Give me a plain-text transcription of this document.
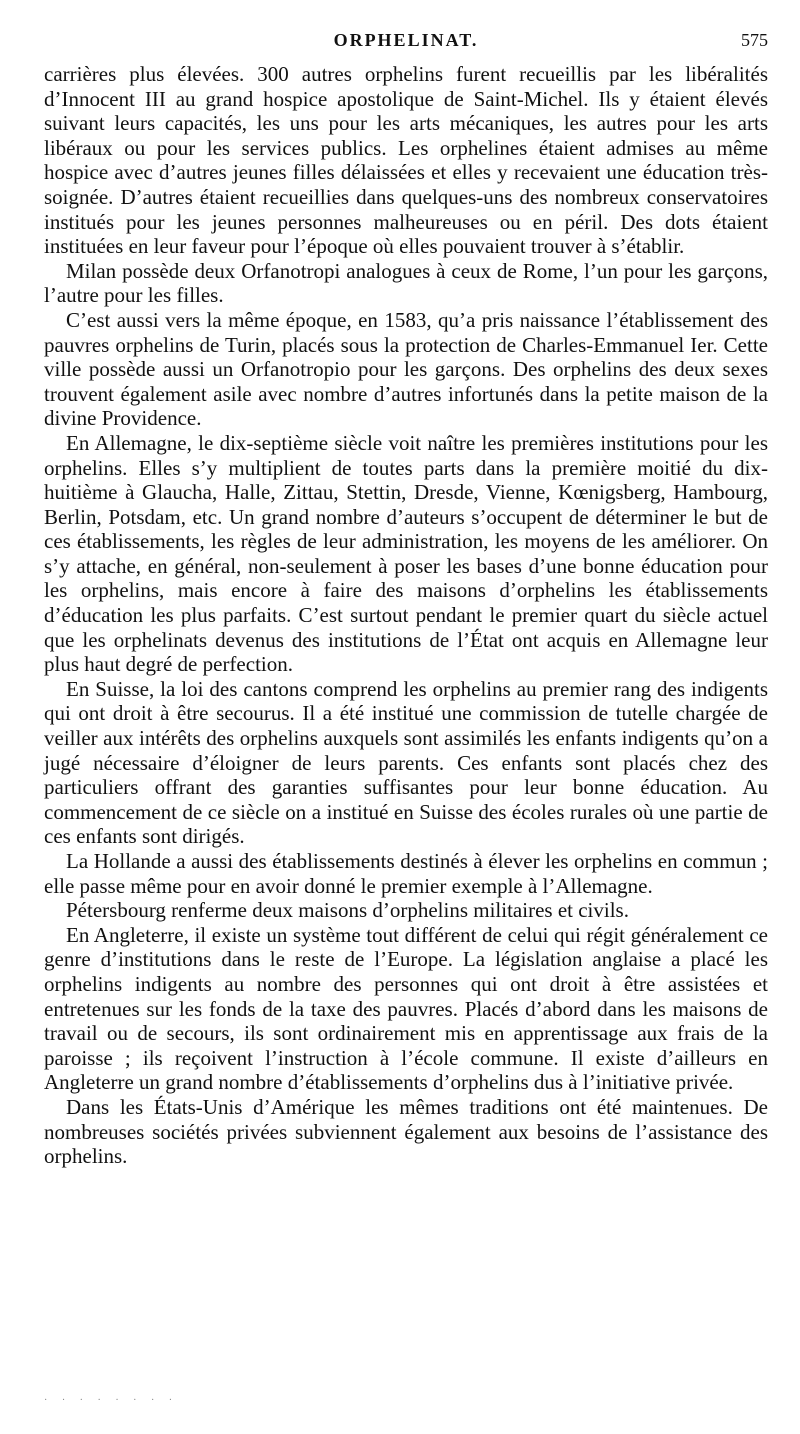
ORPHELINAT.	575

carrières plus élevées. 300 autres orphelins furent recueillis par les libéralités d’Innocent III au grand hospice apostolique de Saint-Michel. Ils y étaient élevés suivant leurs capacités, les uns pour les arts mécaniques, les autres pour les arts libéraux ou pour les services publics. Les orphelines étaient admises au même hospice avec d’autres jeunes filles délaissées et elles y recevaient une éducation très-soignée. D’autres étaient recueillies dans quelques-uns des nombreux conservatoires institués pour les jeunes personnes malheureuses ou en péril. Des dots étaient instituées en leur faveur pour l’époque où elles pouvaient trouver à s’établir.

Milan possède deux Orfanotropi analogues à ceux de Rome, l’un pour les garçons, l’autre pour les filles.

C’est aussi vers la même époque, en 1583, qu’a pris naissance l’établissement des pauvres orphelins de Turin, placés sous la protection de Charles-Emmanuel Ier. Cette ville possède aussi un Orfanotropio pour les garçons. Des orphelins des deux sexes trouvent également asile avec nombre d’autres infortunés dans la petite maison de la divine Providence.

En Allemagne, le dix-septième siècle voit naître les premières institutions pour les orphelins. Elles s’y multiplient de toutes parts dans la première moitié du dix-huitième à Glaucha, Halle, Zittau, Stettin, Dresde, Vienne, Kœnigsberg, Hambourg, Berlin, Potsdam, etc. Un grand nombre d’auteurs s’occupent de déterminer le but de ces établissements, les règles de leur administration, les moyens de les améliorer. On s’y attache, en général, non-seulement à poser les bases d’une bonne éducation pour les orphelins, mais encore à faire des maisons d’orphelins les établissements d’éducation les plus parfaits. C’est surtout pendant le premier quart du siècle actuel que les orphelinats devenus des institutions de l’État ont acquis en Allemagne leur plus haut degré de perfection.

En Suisse, la loi des cantons comprend les orphelins au premier rang des indigents qui ont droit à être secourus. Il a été institué une commission de tutelle chargée de veiller aux intérêts des orphelins auxquels sont assimilés les enfants indigents qu’on a jugé nécessaire d’éloigner de leurs parents. Ces enfants sont placés chez des particuliers offrant des garanties suffisantes pour leur bonne éducation. Au commencement de ce siècle on a institué en Suisse des écoles rurales où une partie de ces enfants sont dirigés.

La Hollande a aussi des établissements destinés à élever les orphelins en commun ; elle passe même pour en avoir donné le premier exemple à l’Allemagne.

Pétersbourg renferme deux maisons d’orphelins militaires et civils.

En Angleterre, il existe un système tout différent de celui qui régit généralement ce genre d’institutions dans le reste de l’Europe. La législation anglaise a placé les orphelins indigents au nombre des personnes qui ont droit à être assistées et entretenues sur les fonds de la taxe des pauvres. Placés d’abord dans les maisons de travail ou de secours, ils sont ordinairement mis en apprentissage aux frais de la paroisse ; ils reçoivent l’instruction à l’école commune. Il existe d’ailleurs en Angleterre un grand nombre d’établissements d’orphelins dus à l’initiative privée.

Dans les États-Unis d’Amérique les mêmes traditions ont été maintenues. De nombreuses sociétés privées subviennent également aux besoins de l’assistance des orphelins.

· · · · · · · ·
